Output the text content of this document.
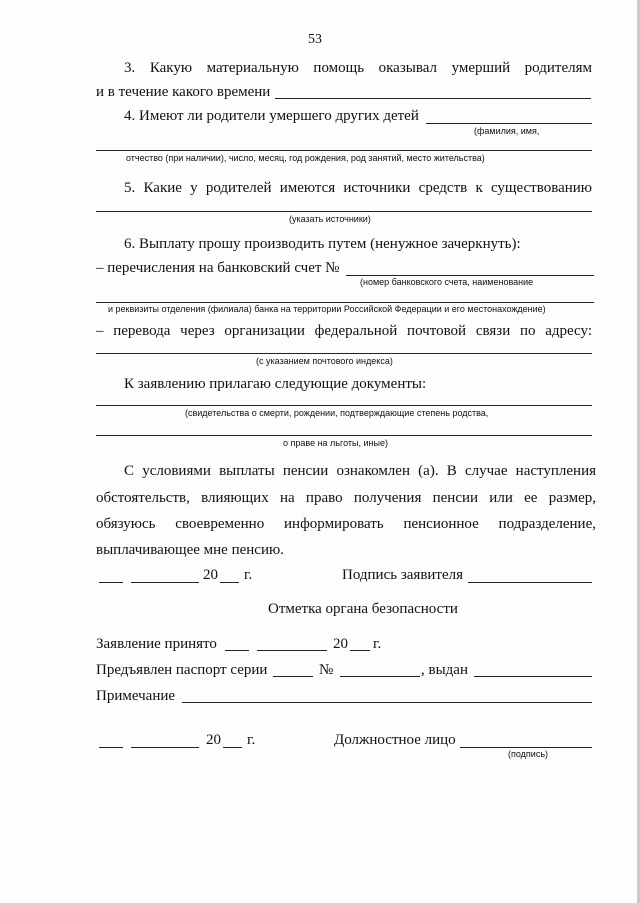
53
3. Какую материальную помощь оказывал умерший родителям
и в течение какого времени
4. Имеют ли родители умершего других детей
(фамилия, имя,
отчество (при наличии), число, месяц, год рождения, род занятий, место жительства)
5. Какие у родителей имеются источники средств к существованию
(указать источники)
6. Выплату прошу производить путем (ненужное зачеркнуть):
– перечисления на банковский счет №
(номер банковского счета, наименование
и реквизиты отделения (филиала) банка на территории Российской Федерации и его местонахождение)
– перевода через организации федеральной почтовой связи по адресу:
(с указанием почтового индекса)
К заявлению прилагаю следующие документы:
(свидетельства о смерти, рождении, подтверждающие степень родства,
о праве на льготы, иные)
С условиями выплаты пенсии ознакомлен (а). В случае наступления
обстоятельств, влияющих на право получения пенсии или ее размер,
обязуюсь своевременно информировать пенсионное подразделение,
выплачивающее мне пенсию.
20 г.	Подпись заявителя
Отметка органа безопасности
Заявление принято	20 г.
Предъявлен паспорт серии	№	, выдан
Примечание
20 г.	Должностное лицо
(подпись)
